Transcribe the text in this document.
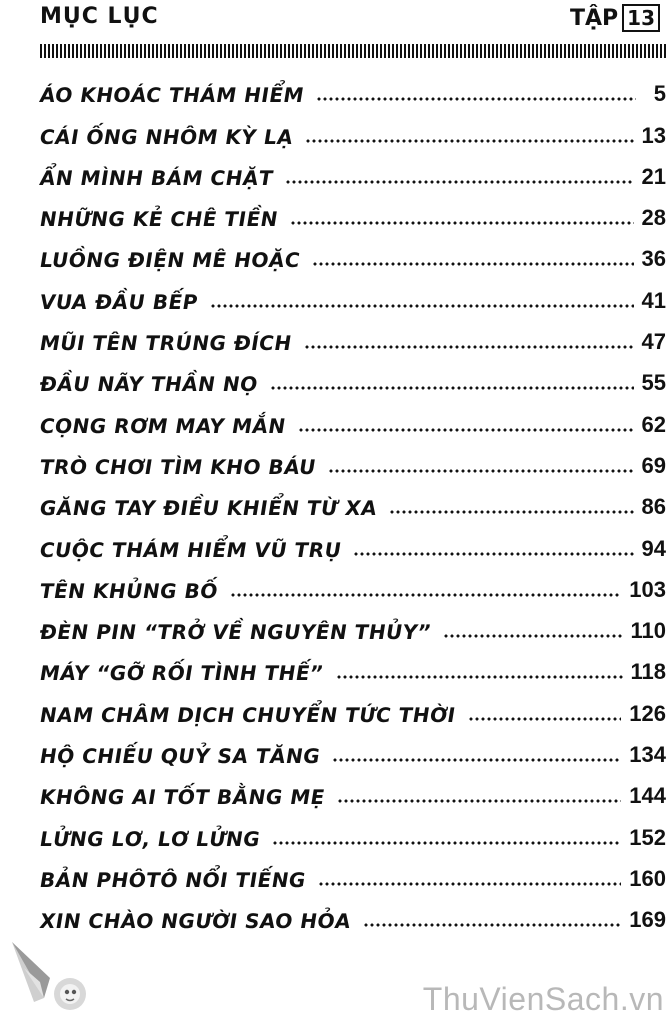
MỤC LỤC	TẬP 13
ÁO KHOÁC THÁM HIỂM	5
CÁI ỐNG NHÔM KỲ LẠ	13
ẨN MÌNH BÁM CHẶT	21
NHỮNG KẺ CHÊ TIỀN	28
LUỒNG ĐIỆN MÊ HOẶC	36
VUA ĐẦU BẾP	41
MŨI TÊN TRÚNG ĐÍCH	47
ĐẦU NÃY THẦN NỌ	55
CỌNG RƠM MAY MẮN	62
TRÒ CHƠI TÌM KHO BÁU	69
GĂNG TAY ĐIỀU KHIỂN TỪ XA	86
CUỘC THÁM HIỂM VŨ TRỤ	94
TÊN KHỦNG BỐ	103
ĐÈN PIN “TRỞ VỀ NGUYÊN THỦY”	110
MÁY “GỠ RỐI TÌNH THẾ”	118
NAM CHÂM DỊCH CHUYỂN TỨC THỜI	126
HỘ CHIẾU QUỶ SA TĂNG	134
KHÔNG AI TỐT BẰNG MẸ	144
LỬNG LƠ, LƠ LỬNG	152
BẢN PHÔTÔ NỔI TIẾNG	160
XIN CHÀO NGƯỜI SAO HỎA	169
ThuVienSach.vn
